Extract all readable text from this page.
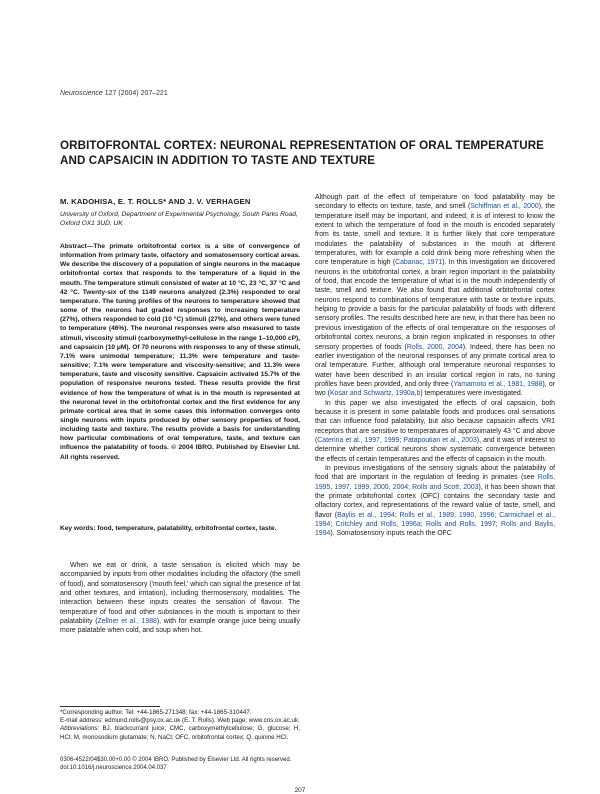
Neuroscience 127 (2004) 207–221
ORBITOFRONTAL CORTEX: NEURONAL REPRESENTATION OF ORAL TEMPERATURE AND CAPSAICIN IN ADDITION TO TASTE AND TEXTURE
M. KADOHISA, E. T. ROLLS* AND J. V. VERHAGEN
University of Oxford, Department of Experimental Psychology, South Parks Road, Oxford OX1 3UD, UK
Abstract—The primate orbitofrontal cortex is a site of convergence of information from primary taste, olfactory and somatosensory cortical areas. We describe the discovery of a population of single neurons in the macaque orbitofrontal cortex that responds to the temperature of a liquid in the mouth. The temperature stimuli consisted of water at 10 °C, 23 °C, 37 °C and 42 °C. Twenty-six of the 1149 neurons analyzed (2.3%) responded to oral temperature. The tuning profiles of the neurons to temperature showed that some of the neurons had graded responses to increasing temperature (27%), others responded to cold (10 °C) stimuli (27%), and others were tuned to temperature (46%). The neuronal responses were also measured to taste stimuli, viscosity stimuli (carboxymethyl-cellulose in the range 1–10,000 cP), and capsaicin (10 μM). Of 70 neurons with responses to any of these stimuli, 7.1% were unimodal temperature; 11.3% were temperature and taste-sensitive; 7.1% were temperature and viscosity-sensitive; and 11.3% were temperature, taste and viscosity sensitive. Capsaicin activated 15.7% of the population of responsive neurons tested. These results provide the first evidence of how the temperature of what is in the mouth is represented at the neuronal level in the orbitofrontal cortex and the first evidence for any primate cortical area that in some cases this information converges onto single neurons with inputs produced by other sensory properties of food, including taste and texture. The results provide a basis for understanding how particular combinations of oral temperature, taste, and texture can influence the palatability of foods. © 2004 IBRO. Published by Elsevier Ltd. All rights reserved.
Key words: food, temperature, palatability, orbitofrontal cortex, taste.

When we eat or drink, a taste sensation is elicited which may be accompanied by inputs from other modalities including the olfactory (the smell of food), and somatosensory ('mouth feel,' which can signal the presence of fat and other textures, and irritation), including thermosensory, modalities. The interaction between these inputs creates the sensation of flavour. The temperature of food and other substances in the mouth is important to their palatability (Zellner et al., 1988), with for example orange juice being usually more palatable when cold, and soup when hot.

*Corresponding author. Tel: +44-1865-271348; fax: +44-1865-310447.

E-mail address: edmund.rolls@psy.ox.ac.uk (E. T. Rolls). Web page: www.cns.ox.ac.uk.

Abbreviations: BJ, blackcurrant juice; CMC, carboxymethylcellulose; G, glucose; H, HCl; M, monosodium glutamate; N, NaCl; OFC, orbitofrontal cortex; Q, quinine HCl.

Although part of the effect of temperature on food palatability may be secondary to effects on texture, taste, and smell (Schiffman et al., 2000), the temperature itself may be important, and indeed, it is of interest to know the extent to which the temperature of food in the mouth is encoded separately from its taste, smell and texture. It is further likely that core temperature modulates the palatability of substances in the mouth at different temperatures, with for example a cold drink being more refreshing when the core temperature is high (Cabanac, 1971). In this investigation we discovered neurons in the orbitofrontal cortex, a brain region important in the palatability of food, that encode the temperature of what is in the mouth independently of taste, smell and texture. We also found that additional orbitofrontal cortex neurons respond to combinations of temperature with taste or texture inputs, helping to provide a basis for the particular palatability of foods with different sensory profiles. The results described here are new, in that there has been no previous investigation of the effects of oral temperature on the responses of orbitofrontal cortex neurons, a brain region implicated in responses to other sensory properties of foods (Rolls, 2000, 2004). Indeed, there has been no earlier investigation of the neuronal responses of any primate cortical area to oral temperature. Further, although oral temperature neuronal responses to water have been described in an insular cortical region in rats, no tuning profiles have been provided, and only three (Yamamoto et al., 1981, 1988), or two (Kosar and Schwartz, 1990a,b) temperatures were investigated.

In this paper we also investigated the effects of oral capsaicin, both because it is present in some palatable foods and produces oral sensations that can influence food palatability, but also because capsaicin affects VR1 receptors that are sensitive to temperatures of approximately 43 °C and above (Caterina et al., 1997, 1999; Patapoutian et al., 2003), and it was of interest to determine whether cortical neurons show systematic convergence between the effects of certain temperatures and the effects of capsaicin in the mouth.

In previous investigations of the sensory signals about the palatability of food that are important in the regulation of feeding in primates (see Rolls, 1995, 1997, 1999, 2000, 2004; Rolls and Scott, 2003), it has been shown that the primate orbitofrontal cortex (OFC) contains the secondary taste and olfactory cortex, and representations of the reward value of taste, smell, and flavor (Baylis et al., 1994; Rolls et al., 1989, 1990, 1996; Carmichael et al., 1994; Critchley and Rolls, 1996a; Rolls and Rolls, 1997; Rolls and Baylis, 1994). Somatosensory inputs reach the OFC

0306-4522/04$30.00+0.00 © 2004 IBRO. Published by Elsevier Ltd. All rights reserved.
doi:10.1016/j.neuroscience.2004.04.037
207
